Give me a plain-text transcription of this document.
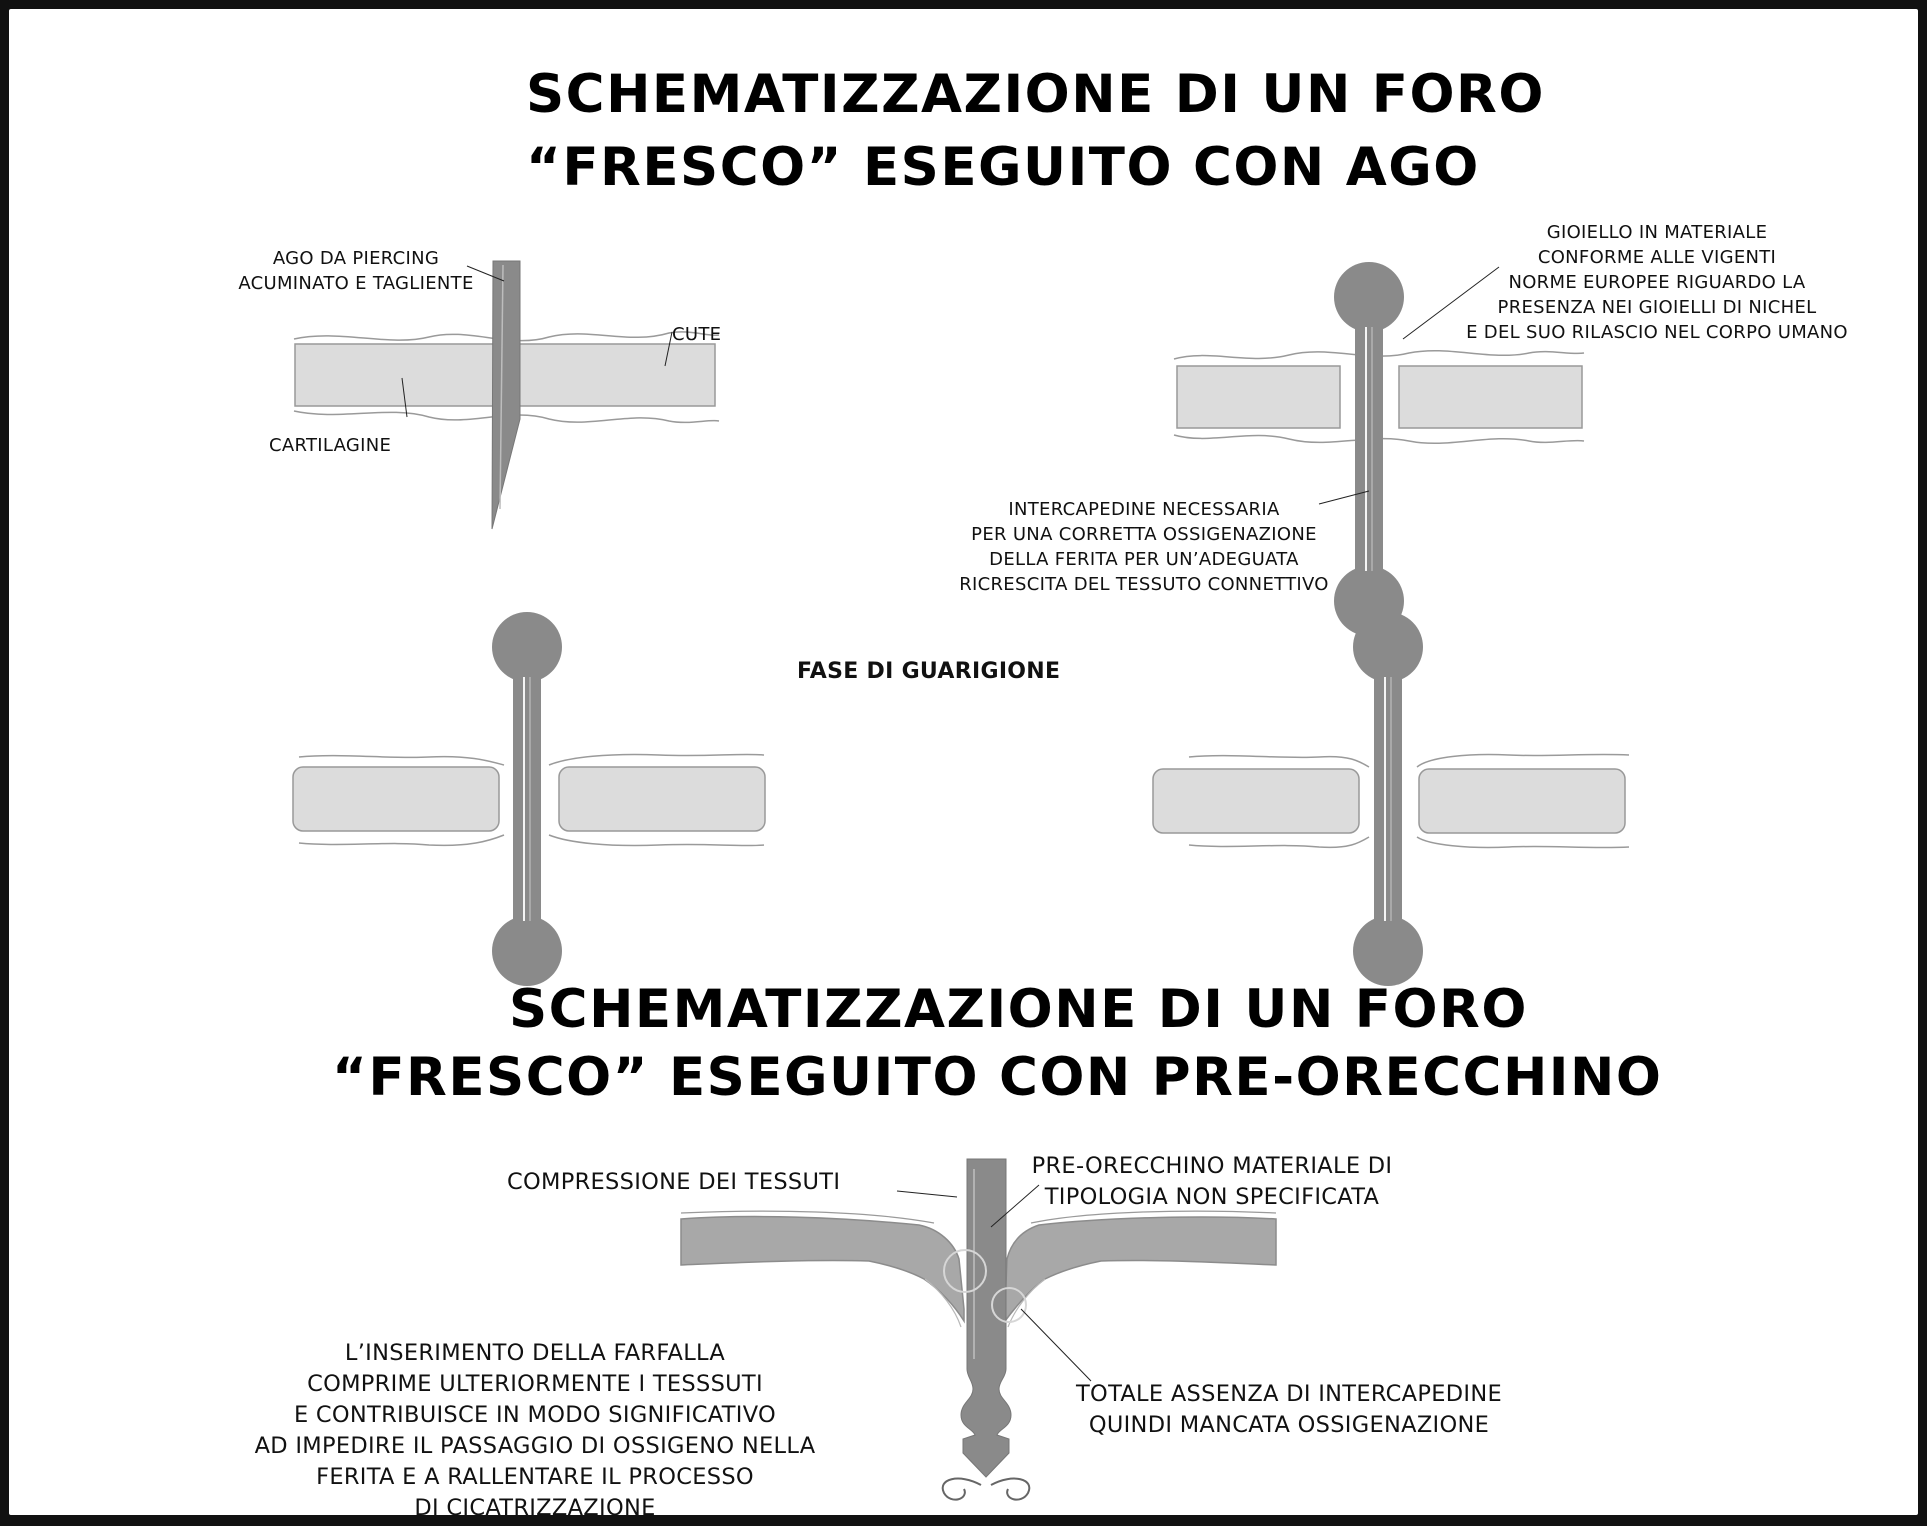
SCHEMATIZZAZIONE DI UN FORO
“FRESCO” ESEGUITO CON AGO
SCHEMATIZZAZIONE DI UN FORO
“FRESCO” ESEGUITO CON PRE-ORECCHINO
AGO DA PIERCING
ACUMINATO E TAGLIENTE
CUTE
CARTILAGINE
GIOIELLO IN MATERIALE
CONFORME ALLE VIGENTI
NORME EUROPEE RIGUARDO LA
PRESENZA NEI GIOIELLI DI NICHEL
E DEL SUO RILASCIO NEL CORPO UMANO
INTERCAPEDINE NECESSARIA
PER UNA CORRETTA OSSIGENAZIONE
DELLA FERITA PER UN’ADEGUATA
RICRESCITA DEL TESSUTO CONNETTIVO
FASE DI GUARIGIONE
COMPRESSIONE DEI TESSUTI
PRE-ORECCHINO MATERIALE DI
TIPOLOGIA NON SPECIFICATA
TOTALE ASSENZA DI INTERCAPEDINE
QUINDI MANCATA OSSIGENAZIONE
L’INSERIMENTO DELLA FARFALLA
COMPRIME ULTERIORMENTE I TESSSUTI
E CONTRIBUISCE IN MODO SIGNIFICATIVO
AD IMPEDIRE IL PASSAGGIO DI OSSIGENO NELLA
FERITA E A RALLENTARE IL PROCESSO
DI CICATRIZZAZIONE
